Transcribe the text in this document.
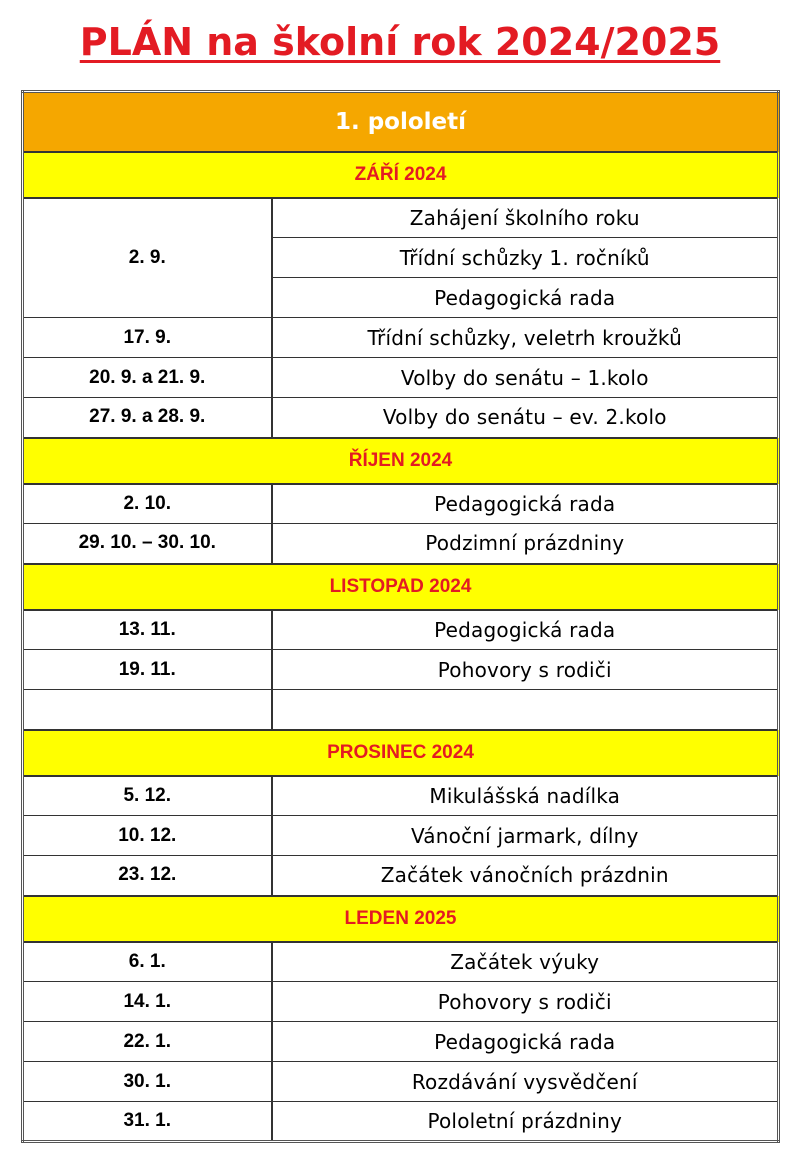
PLÁN na školní rok 2024/2025
1. pololetí	
ZÁŘÍ 2024	
2. 9.	Zahájení školního roku
	Třídní schůzky 1. ročníků
	Pedagogická rada
17. 9.	Třídní schůzky, veletrh kroužků
20. 9. a 21. 9.	Volby do senátu – 1.kolo
27. 9. a 28. 9.	Volby do senátu – ev. 2.kolo
ŘÍJEN 2024	
2. 10.	Pedagogická rada
29. 10. – 30. 10.	Podzimní prázdniny
LISTOPAD 2024	
13. 11.	Pedagogická rada
19. 11.	Pohovory s rodiči

PROSINEC 2024	
5. 12.	Mikulášská nadílka
10. 12.	Vánoční jarmark, dílny
23. 12.	Začátek vánočních prázdnin
LEDEN 2025	
6. 1.	Začátek výuky
14. 1.	Pohovory s rodiči
22. 1.	Pedagogická rada
30. 1.	Rozdávání vysvědčení
31. 1.	Pololetní prázdniny
